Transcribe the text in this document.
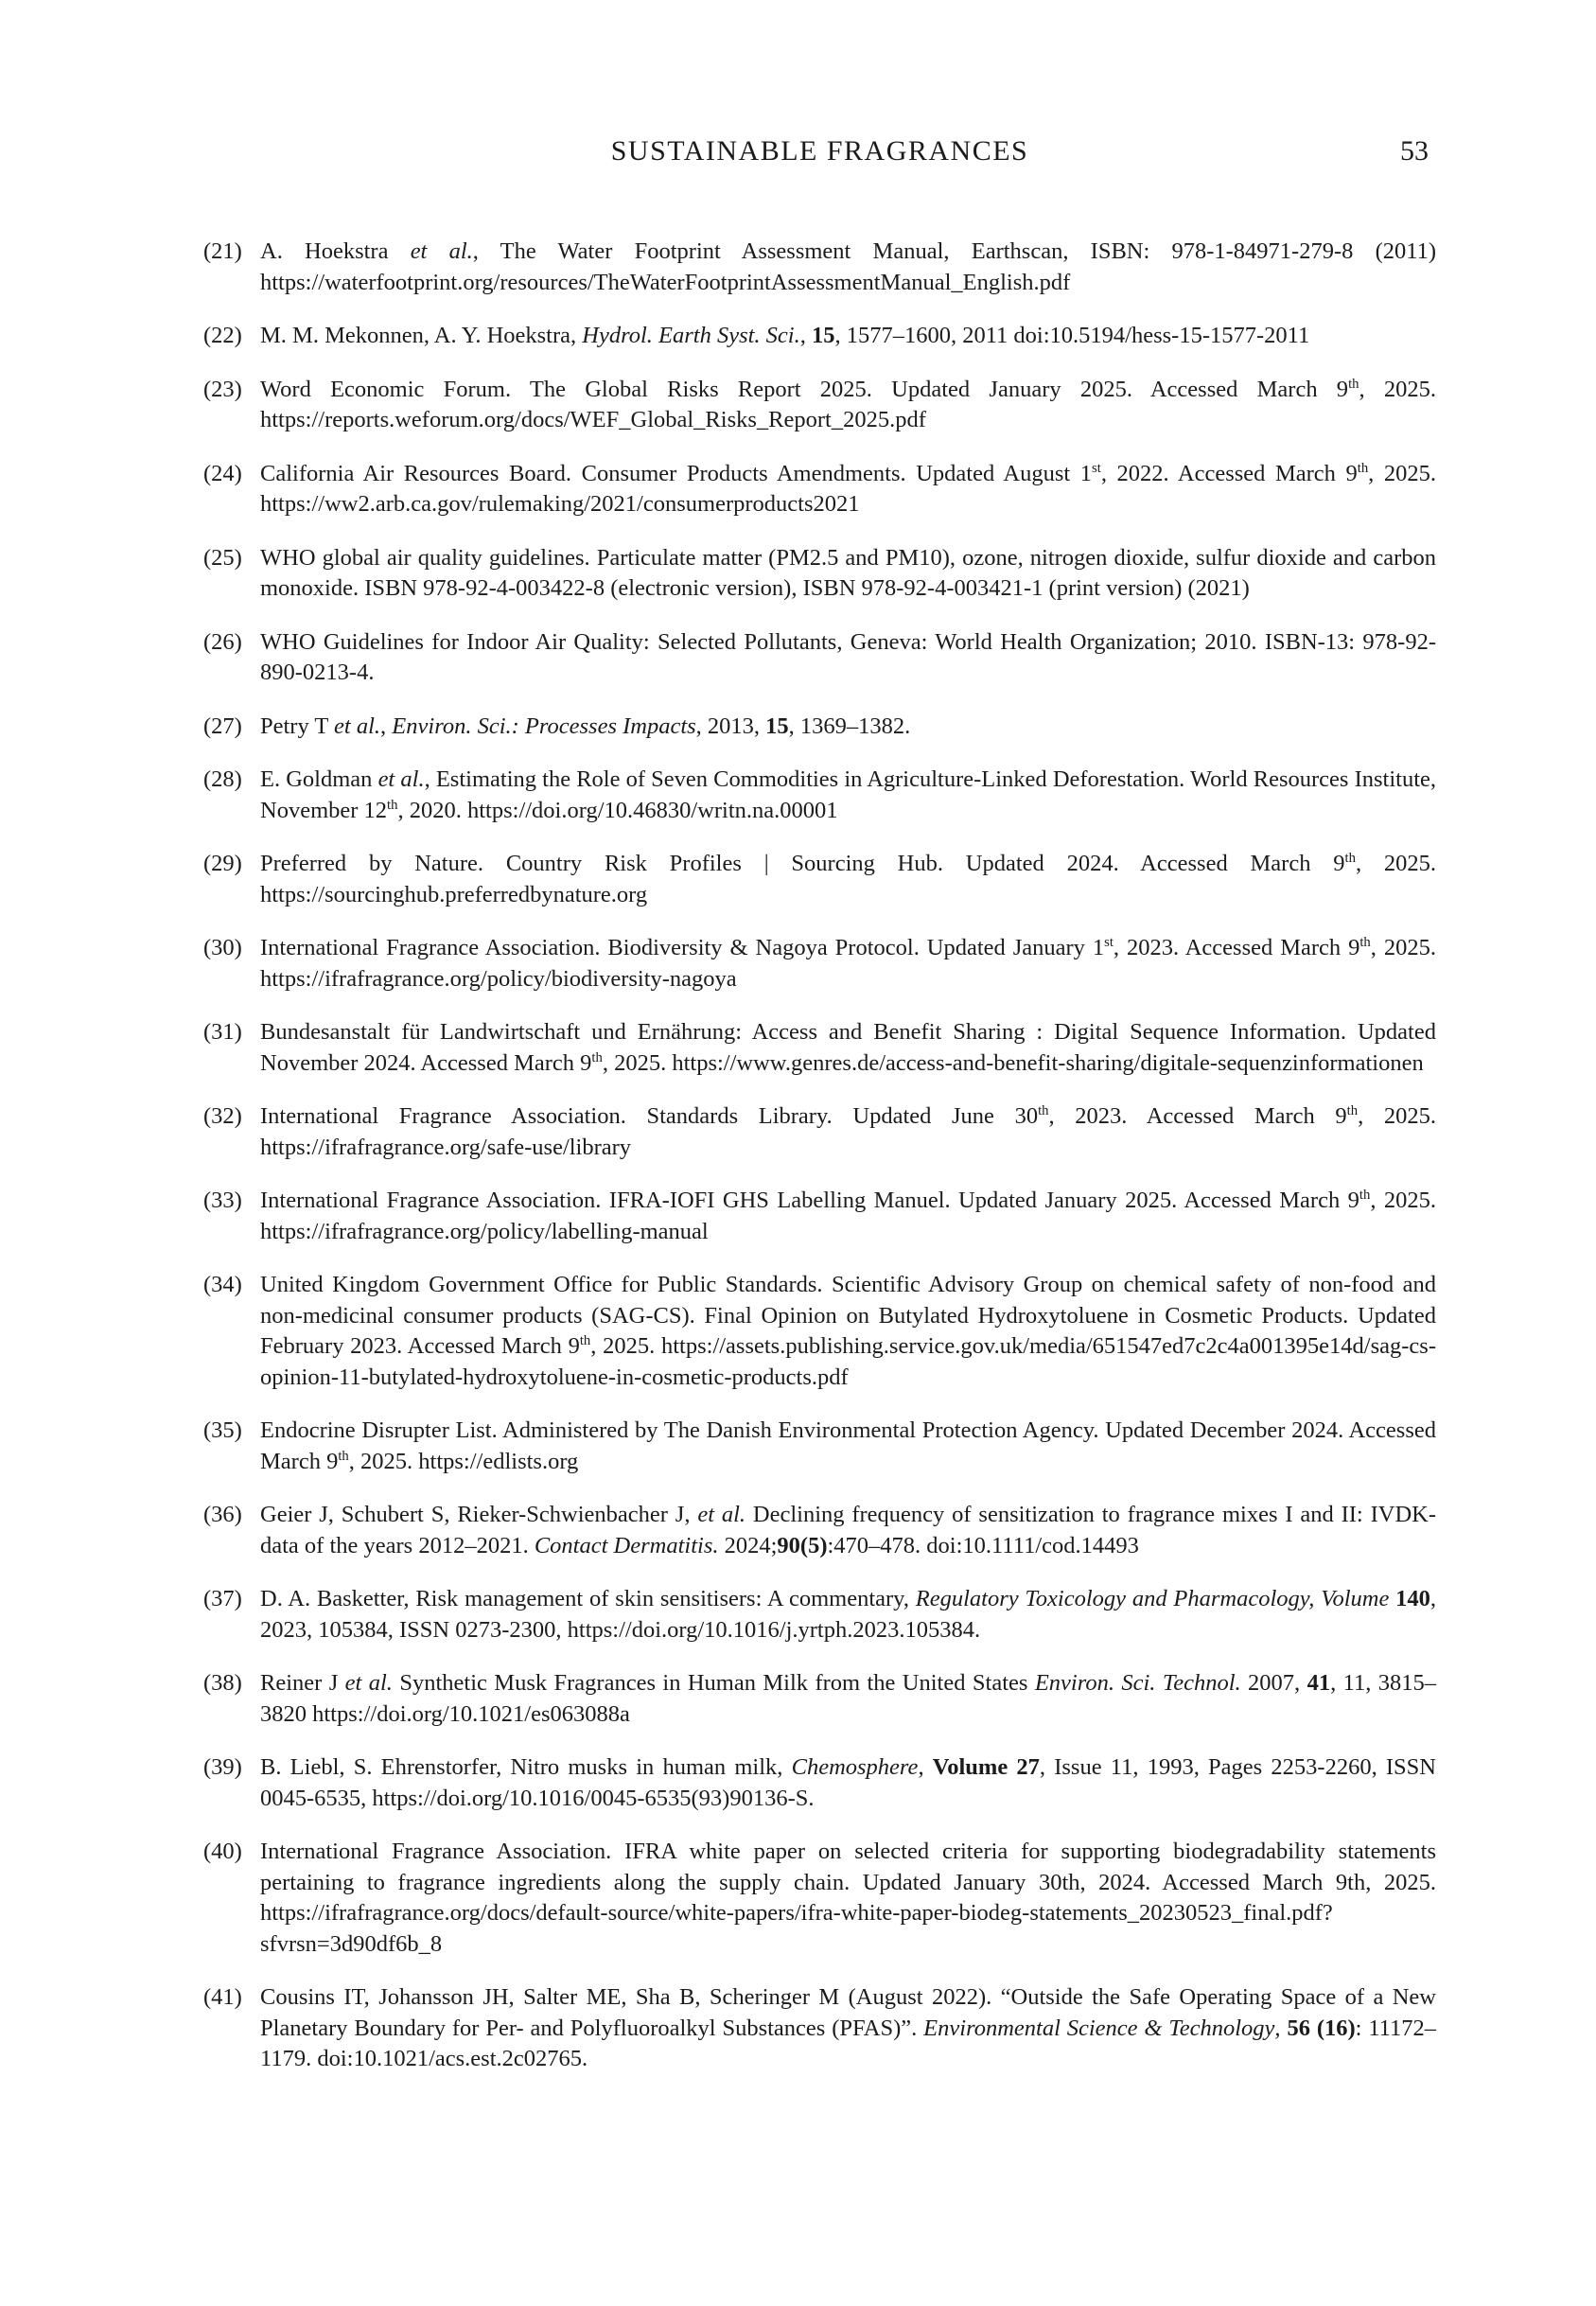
SUSTAINABLE FRAGRANCES	53
(21) A. Hoekstra et al., The Water Footprint Assessment Manual, Earthscan, ISBN: 978-1-84971-279-8 (2011) https://waterfootprint.org/resources/TheWaterFootprintAssessmentManual_English.pdf

(22) M. M. Mekonnen, A. Y. Hoekstra, Hydrol. Earth Syst. Sci., 15, 1577–1600, 2011 doi:10.5194/hess-15-1577-2011

(23) Word Economic Forum. The Global Risks Report 2025. Updated January 2025. Accessed March 9th, 2025. https://reports.weforum.org/docs/WEF_Global_Risks_Report_2025.pdf

(24) California Air Resources Board. Consumer Products Amendments. Updated August 1st, 2022. Accessed March 9th, 2025. https://ww2.arb.ca.gov/rulemaking/2021/consumerproducts2021

(25) WHO global air quality guidelines. Particulate matter (PM2.5 and PM10), ozone, nitrogen dioxide, sulfur dioxide and carbon monoxide. ISBN 978-92-4-003422-8 (electronic version), ISBN 978-92-4-003421-1 (print version) (2021)

(26) WHO Guidelines for Indoor Air Quality: Selected Pollutants, Geneva: World Health Organization; 2010. ISBN-13: 978-92-890-0213-4.

(27) Petry T et al., Environ. Sci.: Processes Impacts, 2013, 15, 1369–1382.

(28) E. Goldman et al., Estimating the Role of Seven Commodities in Agriculture-Linked Deforestation. World Resources Institute, November 12th, 2020. https://doi.org/10.46830/writn.na.00001

(29) Preferred by Nature. Country Risk Profiles | Sourcing Hub. Updated 2024. Accessed March 9th, 2025. https://sourcinghub.preferredbynature.org

(30) International Fragrance Association. Biodiversity & Nagoya Protocol. Updated January 1st, 2023. Accessed March 9th, 2025. https://ifrafragrance.org/policy/biodiversity-nagoya

(31) Bundesanstalt für Landwirtschaft und Ernährung: Access and Benefit Sharing : Digital Sequence Information. Updated November 2024. Accessed March 9th, 2025. https://www.genres.de/access-and-benefit-sharing/digitale-sequenzinformationen

(32) International Fragrance Association. Standards Library. Updated June 30th, 2023. Accessed March 9th, 2025. https://ifrafragrance.org/safe-use/library

(33) International Fragrance Association. IFRA-IOFI GHS Labelling Manuel. Updated January 2025. Accessed March 9th, 2025. https://ifrafragrance.org/policy/labelling-manual

(34) United Kingdom Government Office for Public Standards. Scientific Advisory Group on chemical safety of non-food and non-medicinal consumer products (SAG-CS). Final Opinion on Butylated Hydroxytoluene in Cosmetic Products. Updated February 2023. Accessed March 9th, 2025. https://assets.publishing.service.gov.uk/media/651547ed7c2c4a001395e14d/sag-cs-opinion-11-butylated-hydroxytoluene-in-cosmetic-products.pdf

(35) Endocrine Disrupter List. Administered by The Danish Environmental Protection Agency. Updated December 2024. Accessed March 9th, 2025. https://edlists.org

(36) Geier J, Schubert S, Rieker-Schwienbacher J, et al. Declining frequency of sensitization to fragrance mixes I and II: IVDK-data of the years 2012–2021. Contact Dermatitis. 2024;90(5):470–478. doi:10.1111/cod.14493

(37) D. A. Basketter, Risk management of skin sensitisers: A commentary, Regulatory Toxicology and Pharmacology, Volume 140, 2023, 105384, ISSN 0273-2300, https://doi.org/10.1016/j.yrtph.2023.105384.

(38) Reiner J et al. Synthetic Musk Fragrances in Human Milk from the United States Environ. Sci. Technol. 2007, 41, 11, 3815–3820 https://doi.org/10.1021/es063088a

(39) B. Liebl, S. Ehrenstorfer, Nitro musks in human milk, Chemosphere, Volume 27, Issue 11, 1993, Pages 2253-2260, ISSN 0045-6535, https://doi.org/10.1016/0045-6535(93)90136-S.

(40) International Fragrance Association. IFRA white paper on selected criteria for supporting biodegradability statements pertaining to fragrance ingredients along the supply chain. Updated January 30th, 2024. Accessed March 9th, 2025. https://ifrafragrance.org/docs/default-source/white-papers/ifra-white-paper-biodeg-statements_20230523_final.pdf?sfvrsn=3d90df6b_8

(41) Cousins IT, Johansson JH, Salter ME, Sha B, Scheringer M (August 2022). “Outside the Safe Operating Space of a New Planetary Boundary for Per- and Polyfluoroalkyl Substances (PFAS)”. Environmental Science & Technology, 56 (16): 11172–1179. doi:10.1021/acs.est.2c02765.
